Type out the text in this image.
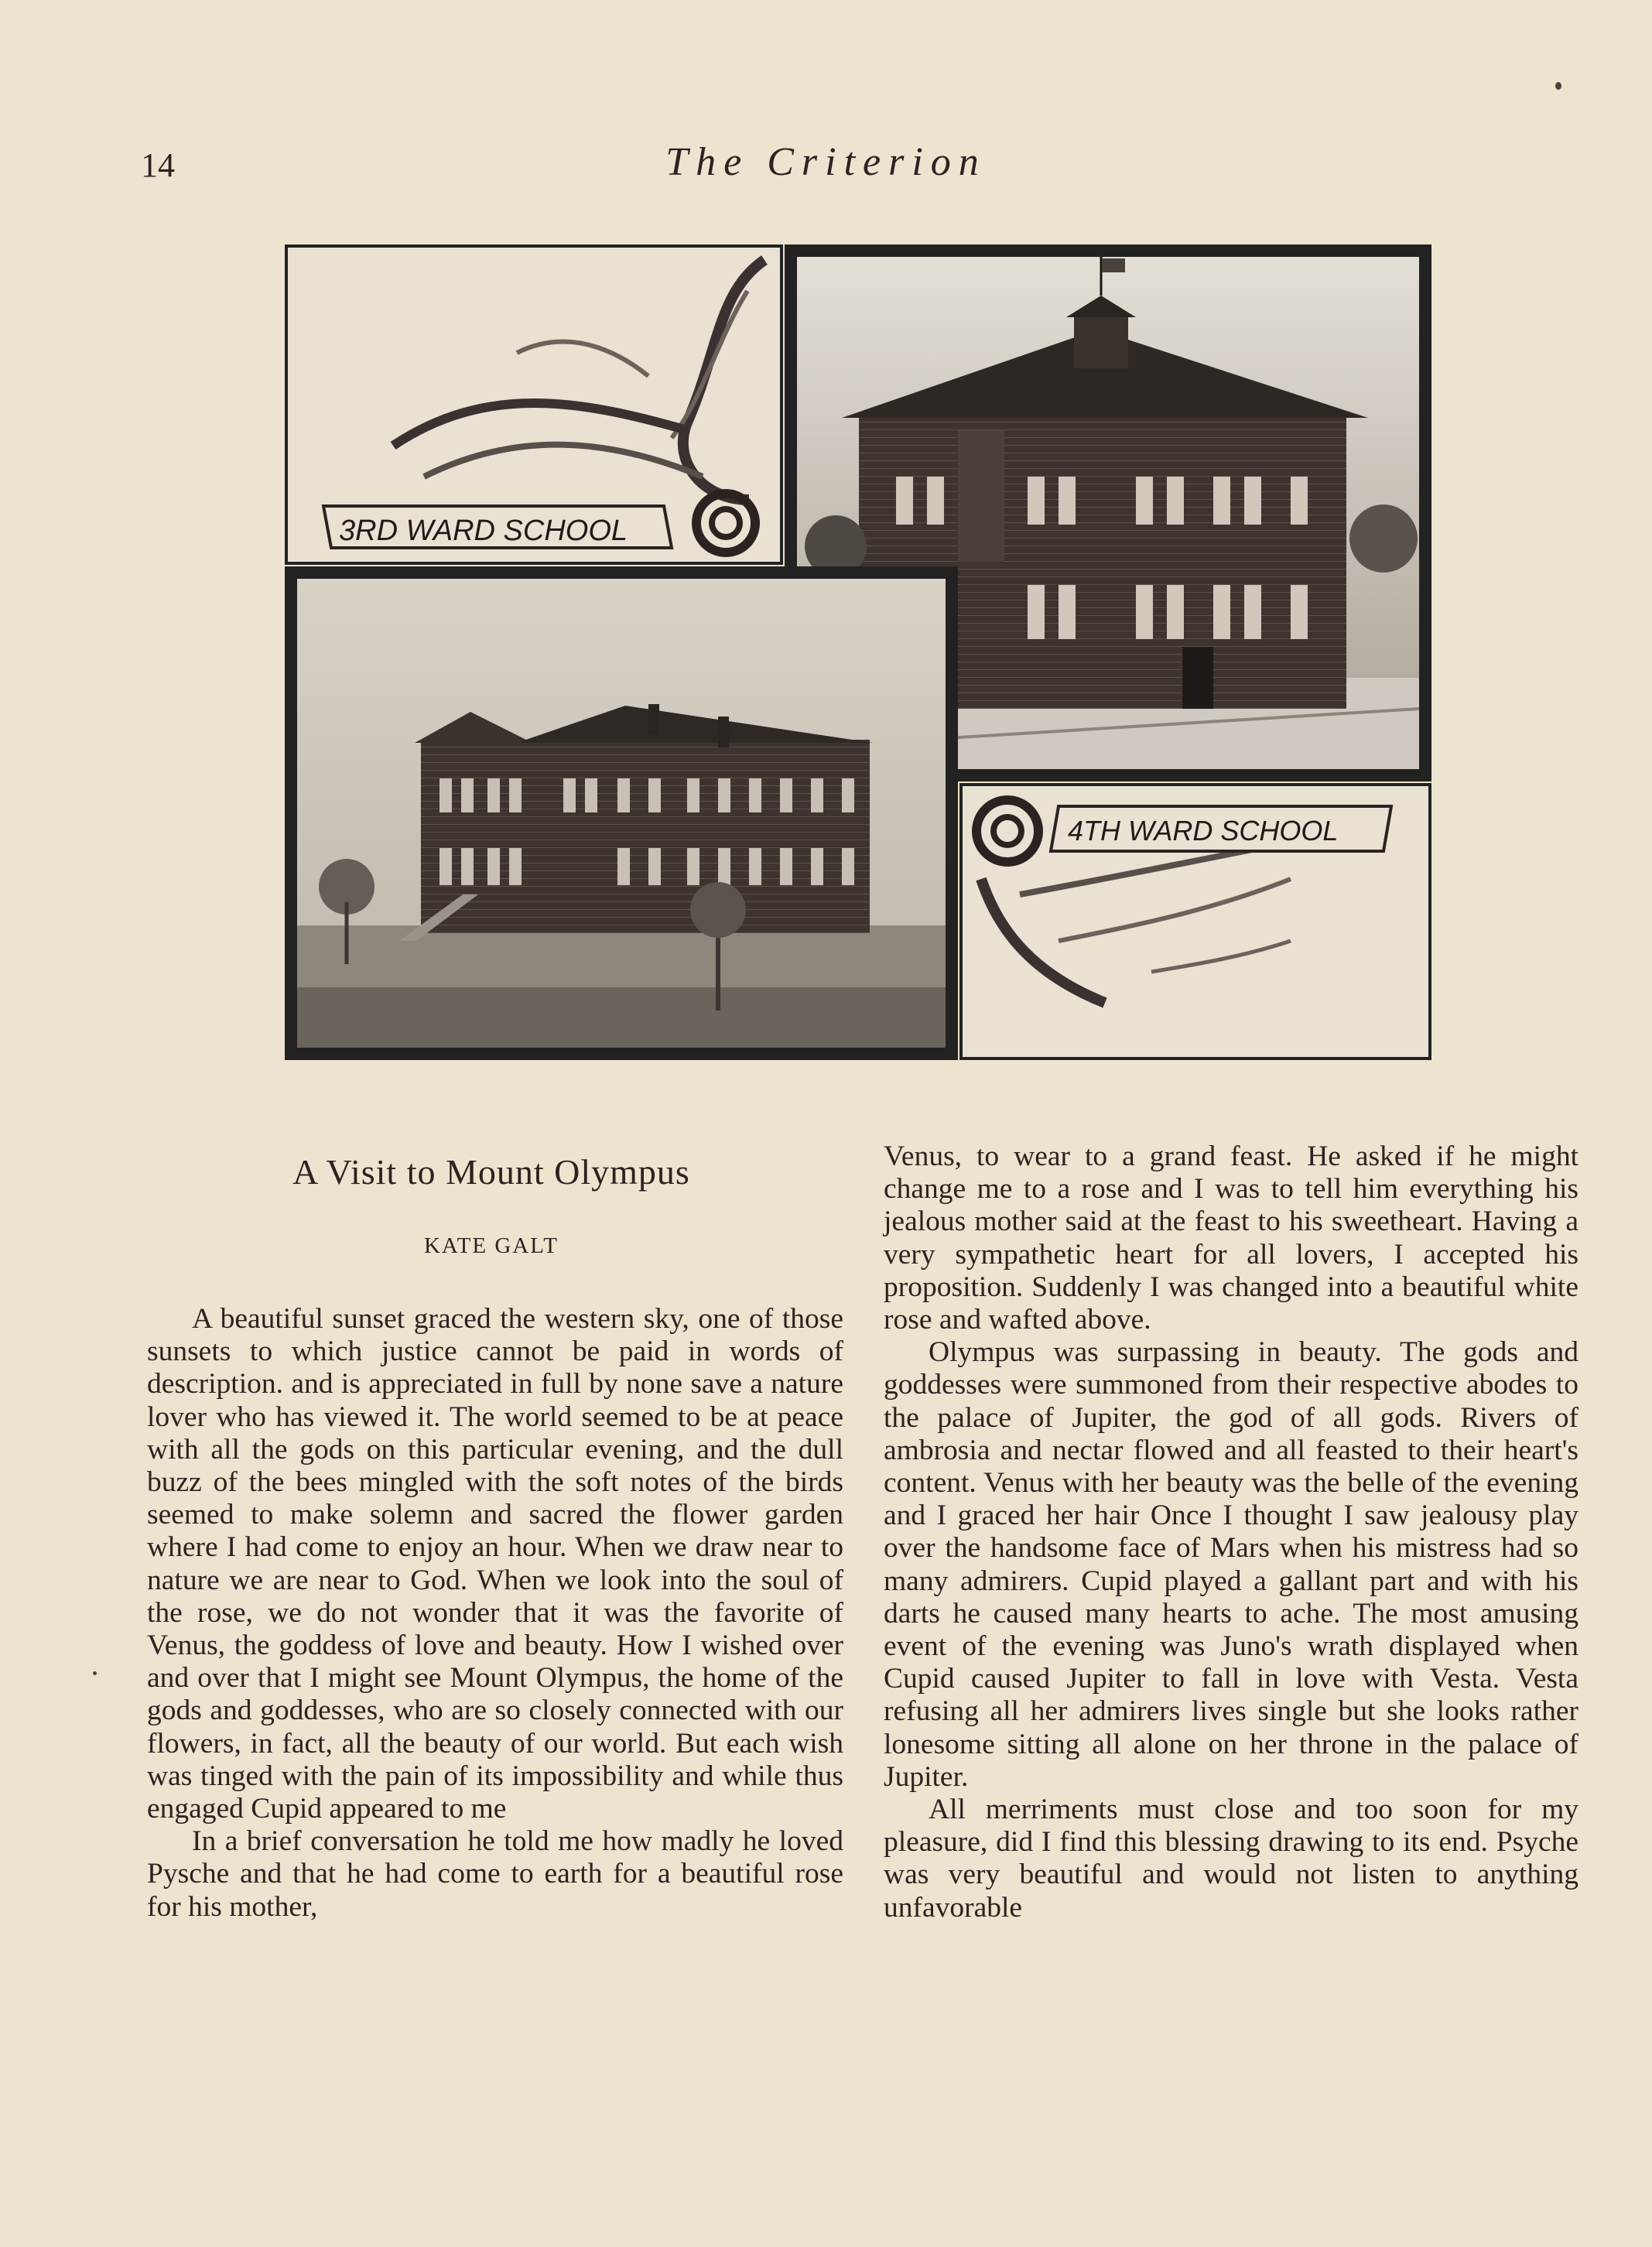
14	The Criterion
3RD WARD SCHOOL
4TH WARD SCHOOL
A Visit to Mount Olympus
KATE GALT

A beautiful sunset graced the western sky, one of those sunsets to which justice cannot be paid in words of description. and is appreciated in full by none save a nature lover who has viewed it. The world seemed to be at peace with all the gods on this particular evening, and the dull buzz of the bees mingled with the soft notes of the birds seemed to make solemn and sacred the flower garden where I had come to enjoy an hour. When we draw near to nature we are near to God. When we look into the soul of the rose, we do not wonder that it was the favorite of Venus, the goddess of love and beauty. How I wished over and over that I might see Mount Olympus, the home of the gods and goddesses, who are so closely connected with our flowers, in fact, all the beauty of our world. But each wish was tinged with the pain of its impossibility and while thus engaged Cupid appeared to me

In a brief conversation he told me how madly he loved Pysche and that he had come to earth for a beautiful rose for his mother,

Venus, to wear to a grand feast. He asked if he might change me to a rose and I was to tell him everything his jealous mother said at the feast to his sweetheart. Having a very sympathetic heart for all lovers, I accepted his proposition. Suddenly I was changed into a beautiful white rose and wafted above.

Olympus was surpassing in beauty. The gods and goddesses were summoned from their respective abodes to the palace of Jupiter, the god of all gods. Rivers of ambrosia and nectar flowed and all feasted to their heart's content. Venus with her beauty was the belle of the evening and I graced her hair Once I thought I saw jealousy play over the handsome face of Mars when his mistress had so many admirers. Cupid played a gallant part and with his darts he caused many hearts to ache. The most amusing event of the evening was Juno's wrath displayed when Cupid caused Jupiter to fall in love with Vesta. Vesta refusing all her admirers lives single but she looks rather lonesome sitting all alone on her throne in the palace of Jupiter.

All merriments must close and too soon for my pleasure, did I find this blessing drawing to its end. Psyche was very beautiful and would not listen to anything unfavorable
